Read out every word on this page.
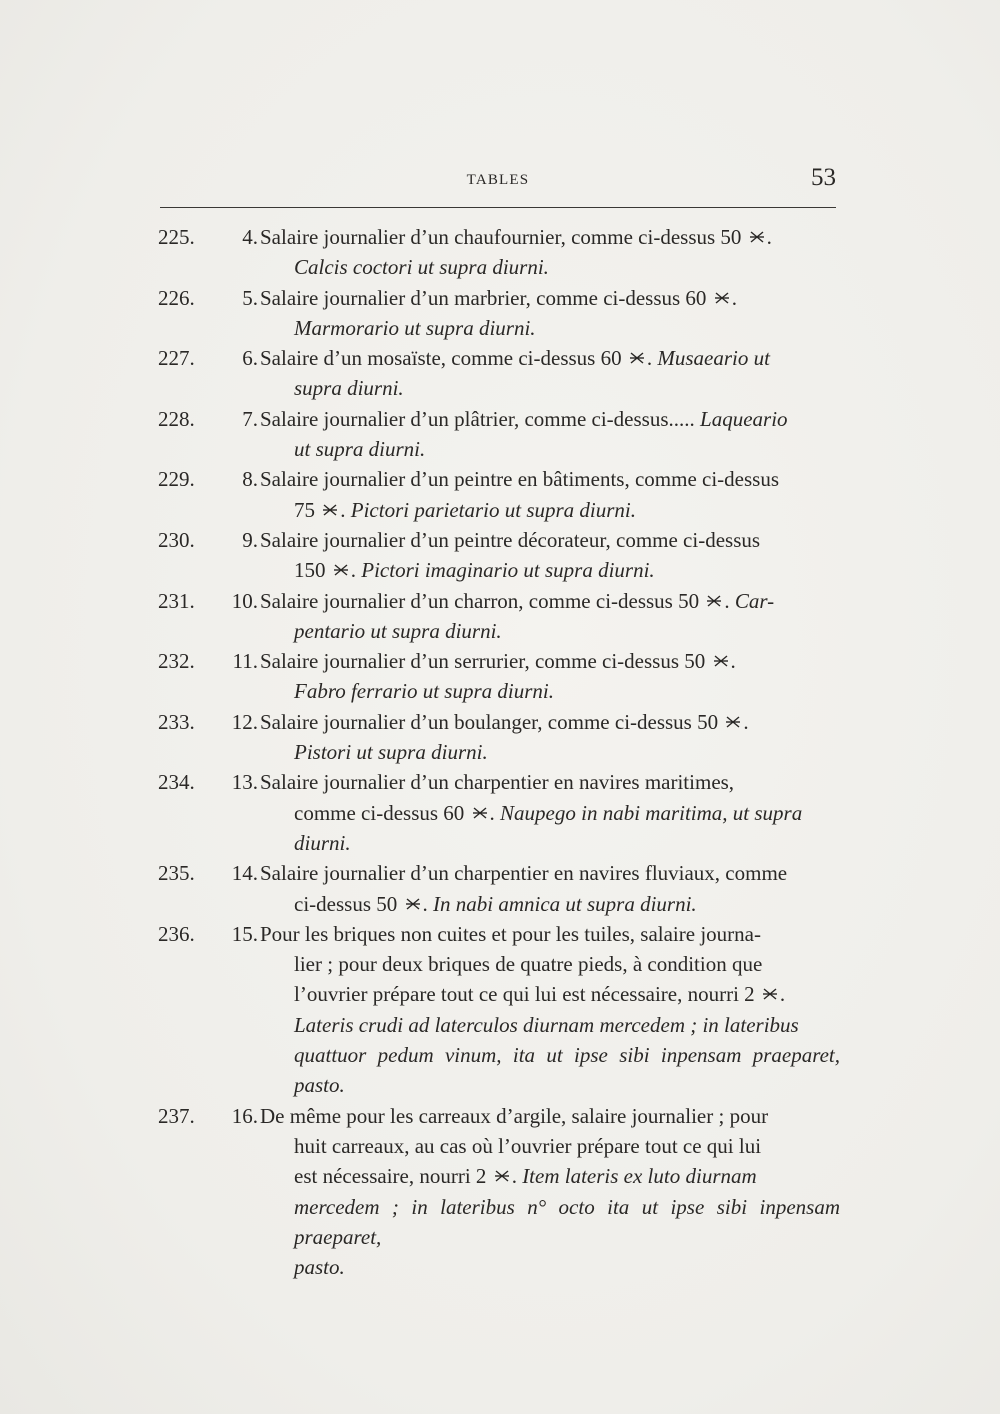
TABLES	53
225.	4. Salaire journalier d’un chaufournier, comme ci-dessus 50 .
Calcis coctori ut supra diurni.
226.	5. Salaire journalier d’un marbrier, comme ci-dessus 60 .
Marmorario ut supra diurni.
227.	6. Salaire d’un mosaïste, comme ci-dessus 60 . Musaeario ut
supra diurni.
228.	7. Salaire journalier d’un plâtrier, comme ci-dessus..... Laqueario
ut supra diurni.
229.	8. Salaire journalier d’un peintre en bâtiments, comme ci-dessus
75 . Pictori parietario ut supra diurni.
230.	9. Salaire journalier d’un peintre décorateur, comme ci-dessus
150 . Pictori imaginario ut supra diurni.
231.	10. Salaire journalier d’un charron, comme ci-dessus 50 . Car-
pentario ut supra diurni.
232.	11. Salaire journalier d’un serrurier, comme ci-dessus 50 .
Fabro ferrario ut supra diurni.
233.	12. Salaire journalier d’un boulanger, comme ci-dessus 50 .
Pistori ut supra diurni.
234.	13. Salaire journalier d’un charpentier en navires maritimes,
comme ci-dessus 60 . Naupego in nabi maritima, ut supra
diurni.
235.	14. Salaire journalier d’un charpentier en navires fluviaux, comme
ci-dessus 50 . In nabi amnica ut supra diurni.
236.	15. Pour les briques non cuites et pour les tuiles, salaire journa-
lier ; pour deux briques de quatre pieds, à condition que
l’ouvrier prépare tout ce qui lui est nécessaire, nourri 2 .
Lateris crudi ad laterculos diurnam mercedem ; in lateribus
quattuor pedum vinum, ita ut ipse sibi inpensam praeparet, pasto.
237.	16. De même pour les carreaux d’argile, salaire journalier ; pour
huit carreaux, au cas où l’ouvrier prépare tout ce qui lui
est nécessaire, nourri 2 . Item lateris ex luto diurnam
mercedem ; in lateribus n° octo ita ut ipse sibi inpensam praeparet,
pasto.
